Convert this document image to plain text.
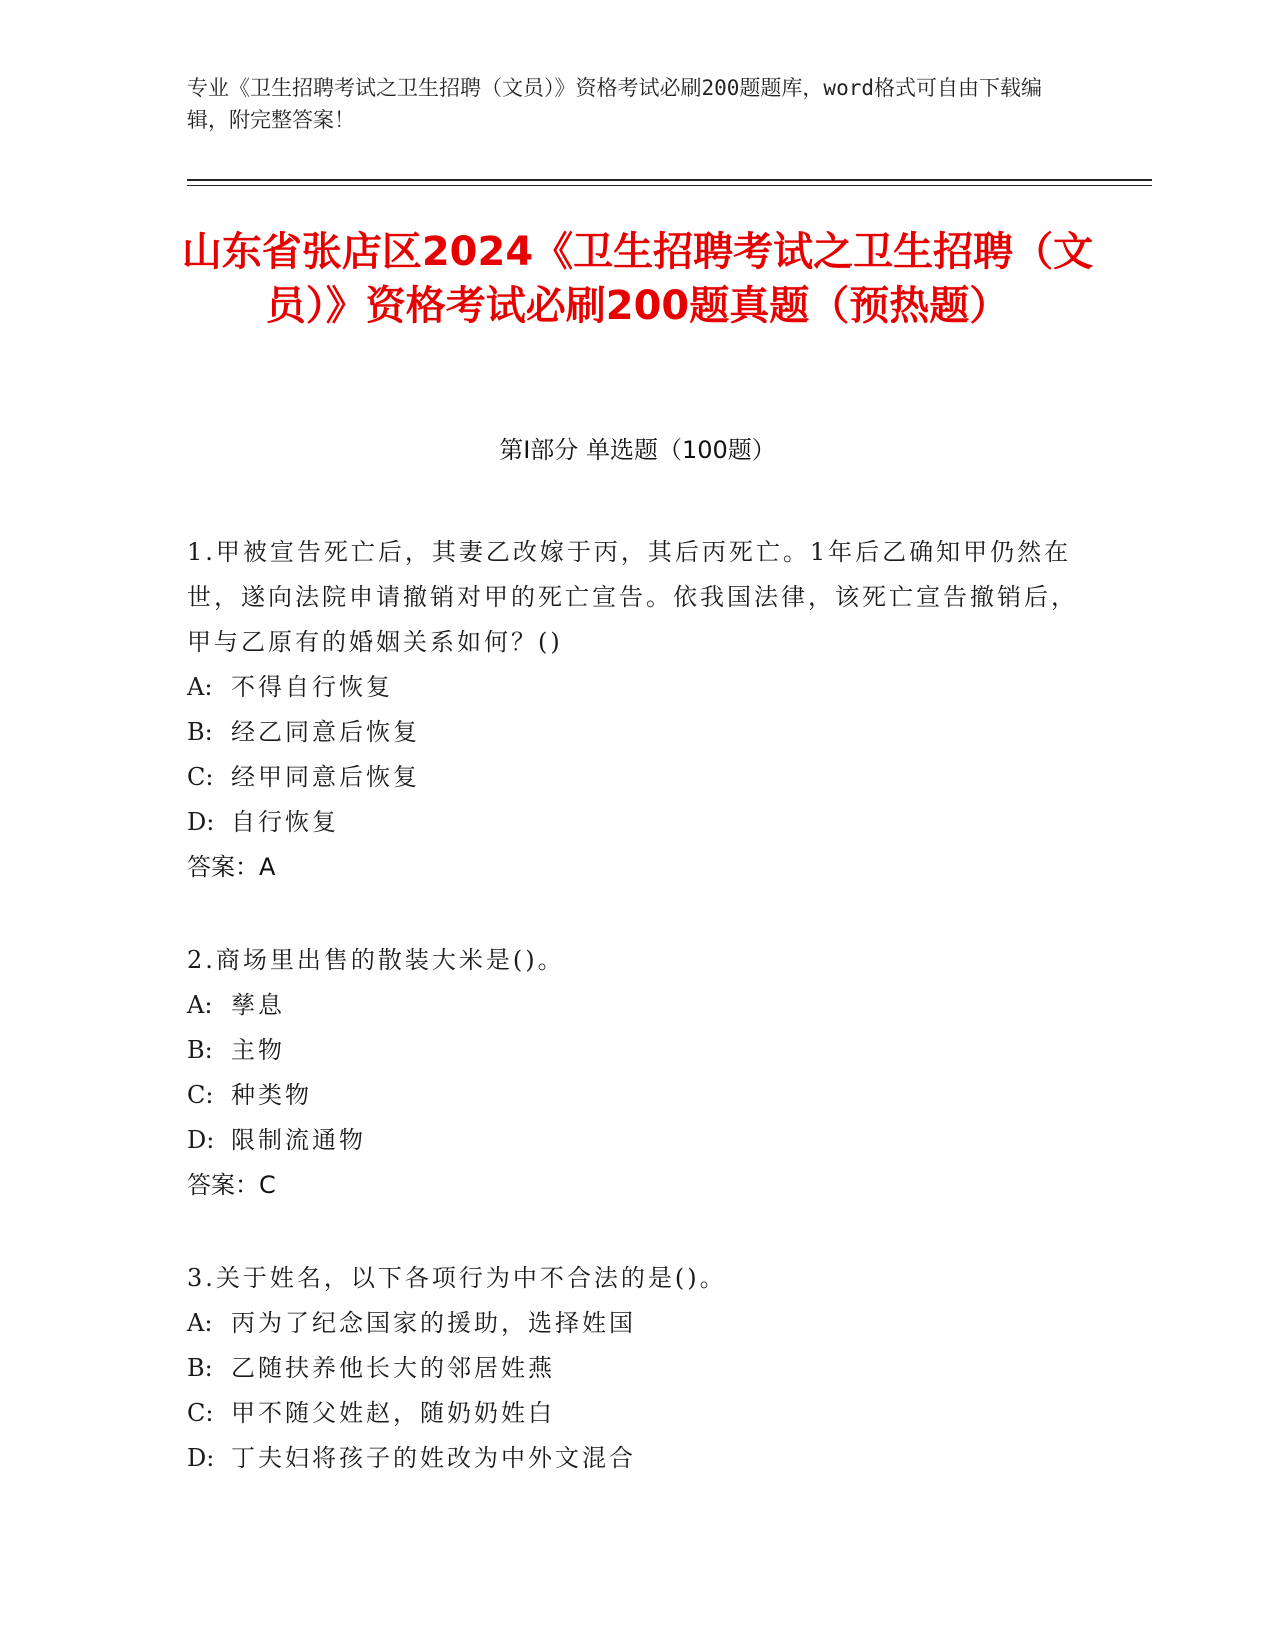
专业《卫生招聘考试之卫生招聘（文员）》资格考试必刷200题题库，word格式可自由下载编辑，附完整答案！
山东省张店区2024《卫生招聘考试之卫生招聘（文员）》资格考试必刷200题真题（预热题）
第I部分 单选题（100题）
1.甲被宣告死亡后，其妻乙改嫁于丙，其后丙死亡。1年后乙确知甲仍然在世，遂向法院申请撤销对甲的死亡宣告。依我国法律，该死亡宣告撤销后，甲与乙原有的婚姻关系如何？()
A: 不得自行恢复
B: 经乙同意后恢复
C: 经甲同意后恢复
D: 自行恢复
答案：A
2.商场里出售的散装大米是()。
A: 孳息
B: 主物
C: 种类物
D: 限制流通物
答案：C
3.关于姓名，以下各项行为中不合法的是()。
A: 丙为了纪念国家的援助，选择姓国
B: 乙随扶养他长大的邻居姓燕
C: 甲不随父姓赵，随奶奶姓白
D: 丁夫妇将孩子的姓改为中外文混合
